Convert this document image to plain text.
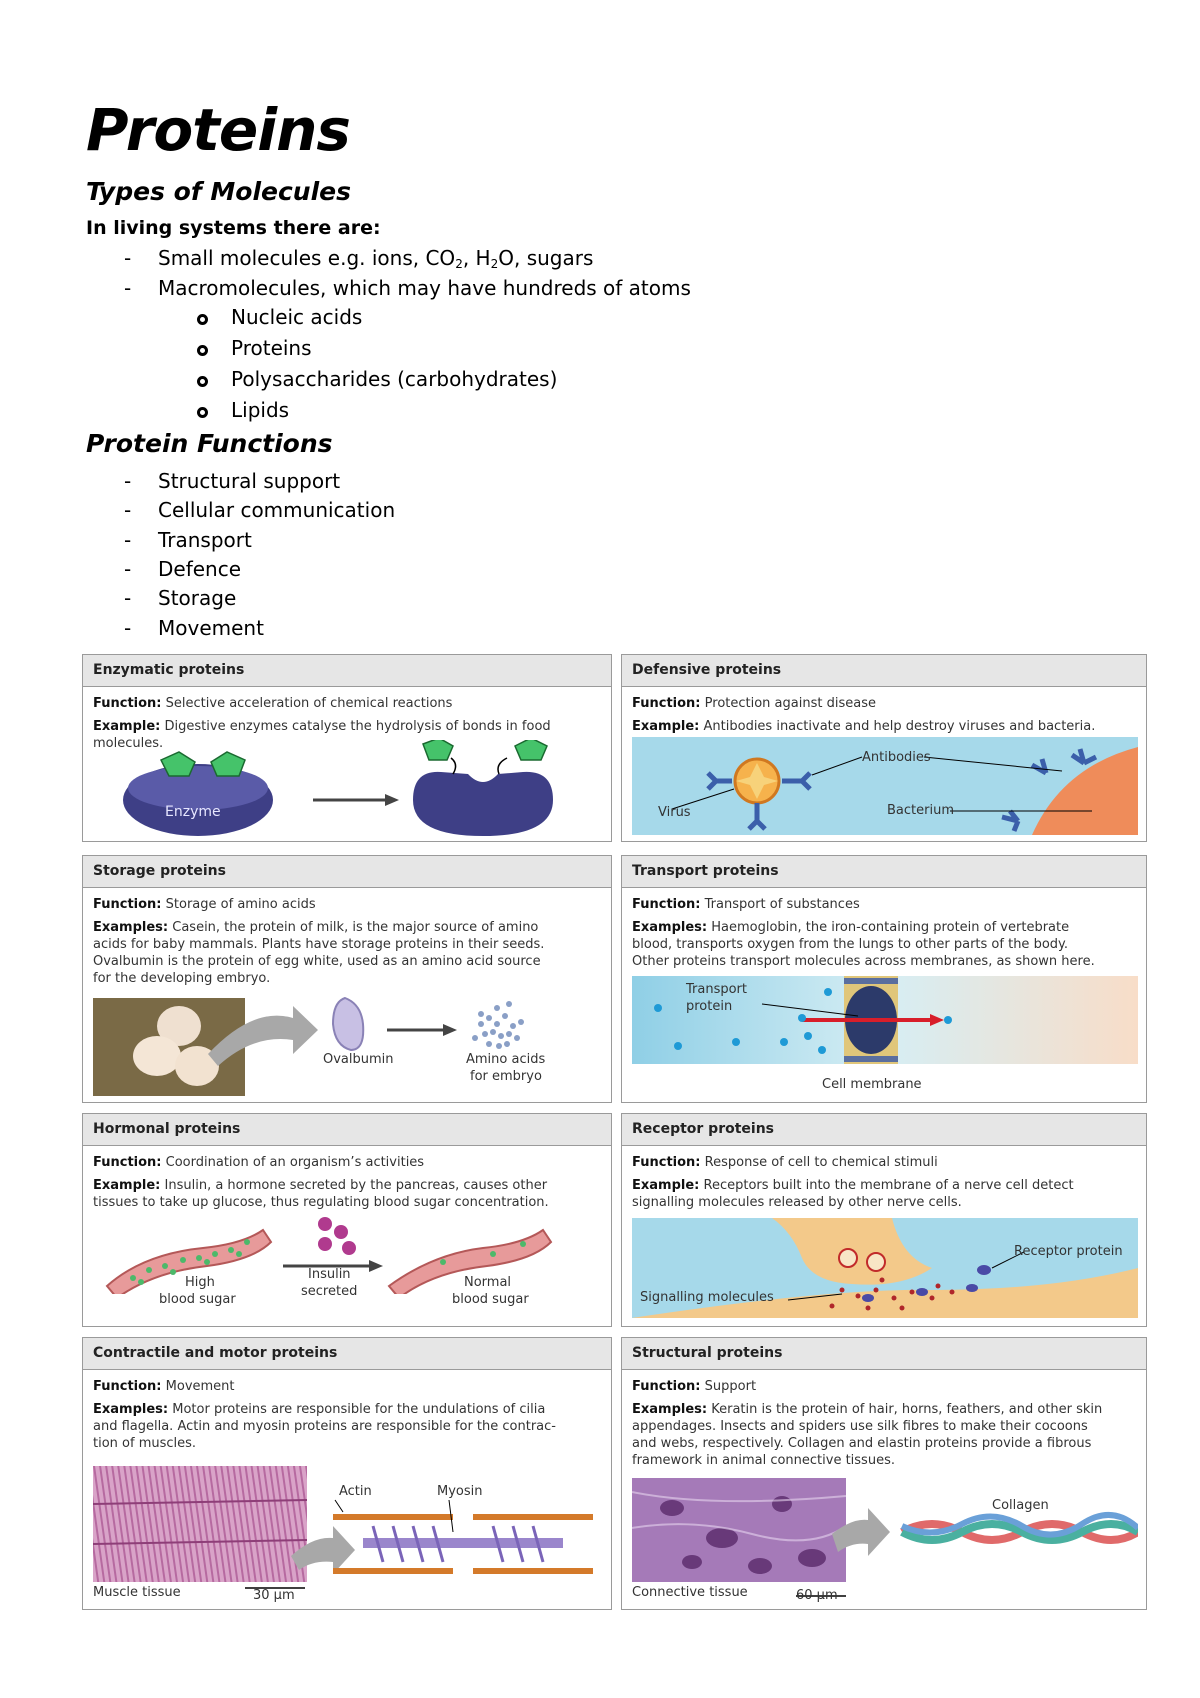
Proteins
Types of Molecules
In living systems there are:
- Small molecules e.g. ions, $CO_2$, $H_2O$, sugars
- Macromolecules, which may have hundreds of atoms
Nucleic acids
Proteins
Polysaccharides (carbohydrates)
Lipids
Protein Functions
- Structural support
- Cellular communication
- Transport
- Defence
- Storage
- Movement
Enzymatic proteins
Function: Selective acceleration of chemical reactions
Example: Digestive enzymes catalyse the hydrolysis of bonds in food
molecules.
Enzyme
Defensive proteins
Function: Protection against disease
Example: Antibodies inactivate and help destroy viruses and bacteria.
Antibodies
Virus	Bacterium
Storage proteins
Function: Storage of amino acids
Examples: Casein, the protein of milk, is the major source of amino
acids for baby mammals. Plants have storage proteins in their seeds.
Ovalbumin is the protein of egg white, used as an amino acid source
for the developing embryo.
Ovalbumin	Amino acids
for embryo
Transport proteins
Function: Transport of substances
Examples: Haemoglobin, the iron-containing protein of vertebrate
blood, transports oxygen from the lungs to other parts of the body.
Other proteins transport molecules across membranes, as shown here.
Transport
protein
Cell membrane
Hormonal proteins
Function: Coordination of an organism’s activities
Example: Insulin, a hormone secreted by the pancreas, causes other
tissues to take up glucose, thus regulating blood sugar concentration.
High
blood sugar
Insulin
secreted
Normal
blood sugar
Receptor proteins
Function: Response of cell to chemical stimuli
Example: Receptors built into the membrane of a nerve cell detect
signalling molecules released by other nerve cells.
Receptor protein
Signalling molecules
Contractile and motor proteins
Function: Movement
Examples: Motor proteins are responsible for the undulations of cilia
and flagella. Actin and myosin proteins are responsible for the contrac-
tion of muscles.
Actin	Myosin
Muscle tissue	30 µm
Structural proteins
Function: Support
Examples: Keratin is the protein of hair, horns, feathers, and other skin
appendages. Insects and spiders use silk fibres to make their cocoons
and webs, respectively. Collagen and elastin proteins provide a fibrous
framework in animal connective tissues.
Collagen
Connective tissue	60 µm
